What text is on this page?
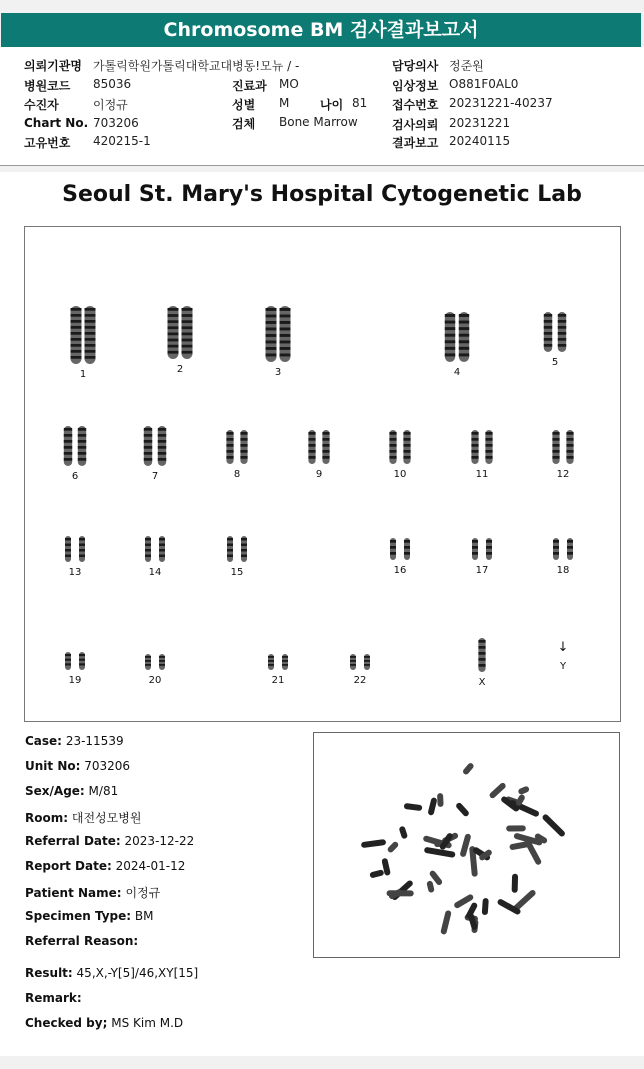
Chromosome BM 검사결과보고서
의뢰기관명 가톨릭학원가톨릭대학교대병동!모뉴 / -
병원코드 85036
수진자	이정규
Chart No. 703206
고유번호 420215-1
진료과 MO
성별 M	나이 81
검체 Bone Marrow
담당의사 정준원
임상정보 O881F0AL0
접수번호 20231221-40237
검사의뢰 20231221
결과보고 20240115
Seoul St. Mary's Hospital Cytogenetic Lab
1	2	3	4
5
6	7	8	9	10	11	12
13	14	15	16	17	18
19	20	21	22	X
↓
Y
Case: 23-11539
Unit No: 703206
Sex/Age: M/81
Room: 대전성모병원
Referral Date: 2023-12-22
Report Date: 2024-01-12
Patient Name: 이정규
Specimen Type: BM
Referral Reason:
Result: 45,X,-Y[5]/46,XY[15]
Remark:
Checked by; MS Kim M.D
